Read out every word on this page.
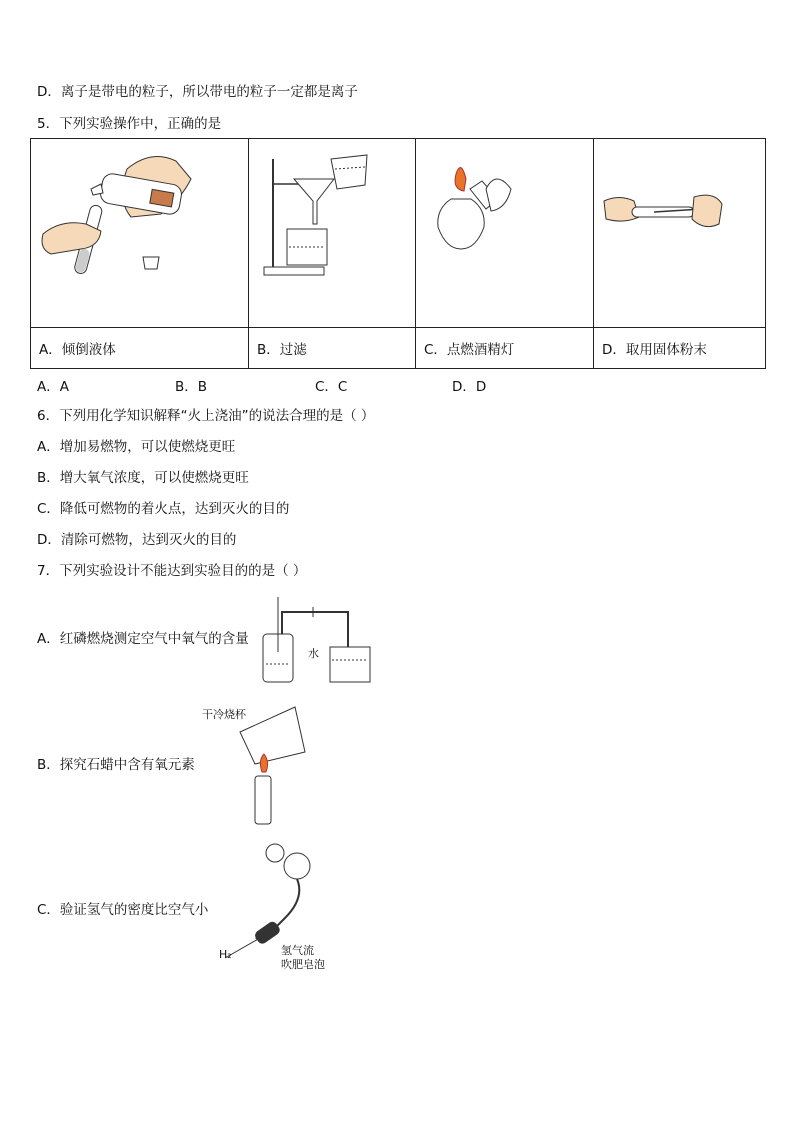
D．离子是带电的粒子，所以带电的粒子一定都是离子
5．下列实验操作中，正确的是

A．倾倒液体	B．过滤	C．点燃酒精灯	D．取用固体粉末
A．A	B．B	C．C	D．D
6．下列用化学知识解释“火上浇油”的说法合理的是（ ）
A．增加易燃物，可以使燃烧更旺
B．增大氧气浓度，可以使燃烧更旺
C．降低可燃物的着火点，达到灭火的目的
D．清除可燃物，达到灭火的目的
7．下列实验设计不能达到实验目的的是（ ）
A．红磷燃烧测定空气中氧气的含量
水
B．探究石蜡中含有氧元素
干冷烧杯
C．验证氢气的密度比空气小
H₂	氢气流
吹肥皂泡
